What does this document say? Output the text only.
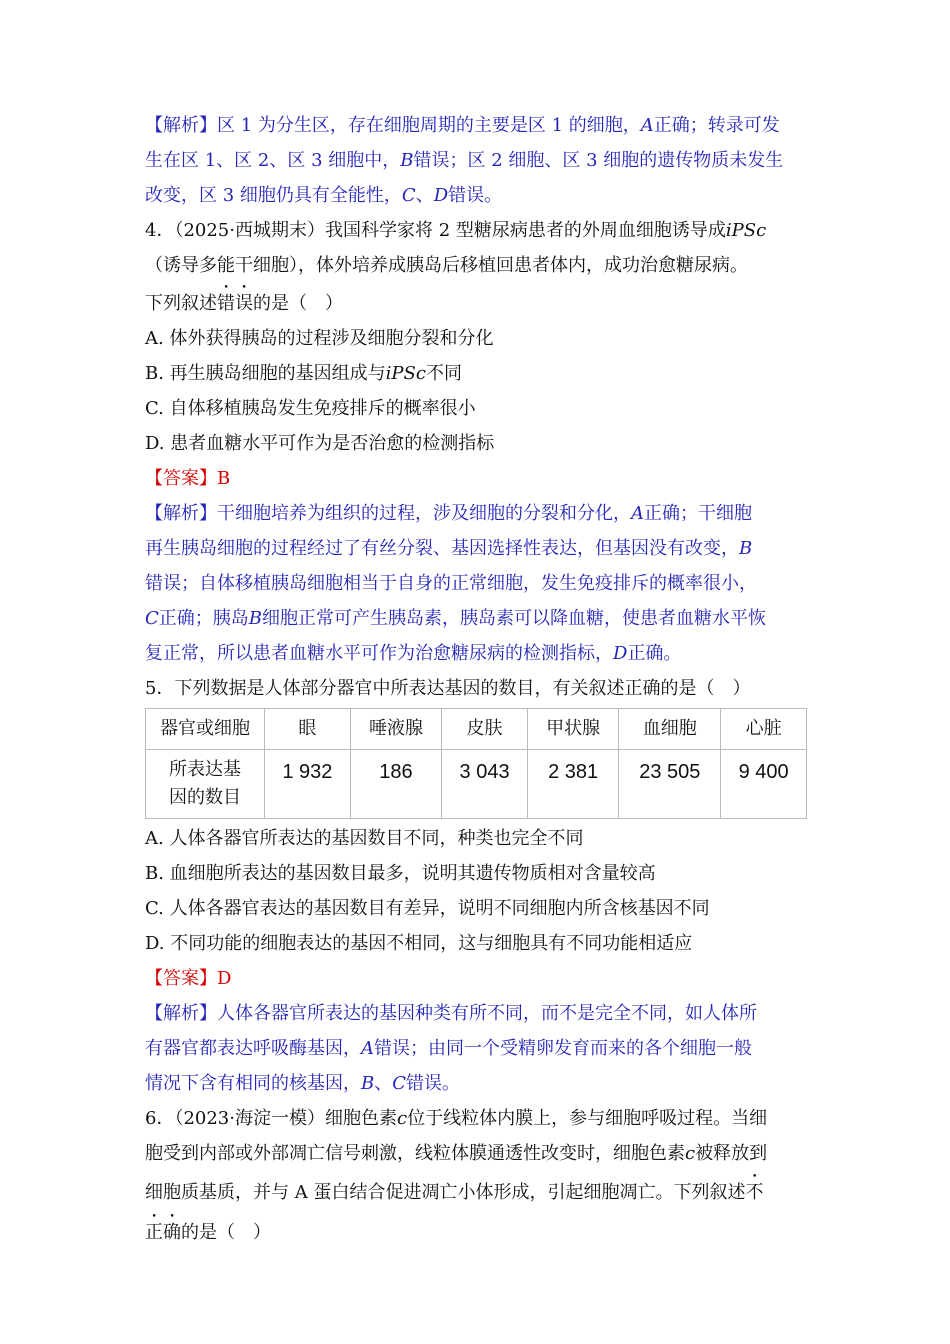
【解析】区 1 为分生区，存在细胞周期的主要是区 1 的细胞，A正确；转录可发
生在区 1、区 2、区 3 细胞中，B错误；区 2 细胞、区 3 细胞的遗传物质未发生
改变，区 3 细胞仍具有全能性，C、D错误。
4．（2025·西城期末）我国科学家将 2 型糖尿病患者的外周血细胞诱导成iPSc
（诱导多能干细胞），体外培养成胰岛后移植回患者体内，成功治愈糖尿病。
下列叙述错误的是（　）
A. 体外获得胰岛的过程涉及细胞分裂和分化
B. 再生胰岛细胞的基因组成与iPSc不同
C. 自体移植胰岛发生免疫排斥的概率很小
D. 患者血糖水平可作为是否治愈的检测指标
【答案】B
【解析】干细胞培养为组织的过程，涉及细胞的分裂和分化，A正确；干细胞
再生胰岛细胞的过程经过了有丝分裂、基因选择性表达，但基因没有改变，B
错误；自体移植胰岛细胞相当于自身的正常细胞，发生免疫排斥的概率很小，
C正确；胰岛B细胞正常可产生胰岛素，胰岛素可以降血糖，使患者血糖水平恢
复正常，所以患者血糖水平可作为治愈糖尿病的检测指标，D正确。
5．下列数据是人体部分器官中所表达基因的数目，有关叙述正确的是（　）
器官或细胞	眼	唾液腺	皮肤	甲状腺	血细胞	心脏
所表达基因的数目	1 932	186	3 043	2 381	23 505	9 400
A. 人体各器官所表达的基因数目不同，种类也完全不同
B. 血细胞所表达的基因数目最多，说明其遗传物质相对含量较高
C. 人体各器官表达的基因数目有差异，说明不同细胞内所含核基因不同
D. 不同功能的细胞表达的基因不相同，这与细胞具有不同功能相适应
【答案】D
【解析】人体各器官所表达的基因种类有所不同，而不是完全不同，如人体所
有器官都表达呼吸酶基因，A错误；由同一个受精卵发育而来的各个细胞一般
情况下含有相同的核基因，B、C错误。
6．（2023·海淀一模）细胞色素c位于线粒体内膜上，参与细胞呼吸过程。当细
胞受到内部或外部凋亡信号刺激，线粒体膜通透性改变时，细胞色素c被释放到
细胞质基质，并与 A 蛋白结合促进凋亡小体形成，引起细胞凋亡。下列叙述不
正确的是（　）
